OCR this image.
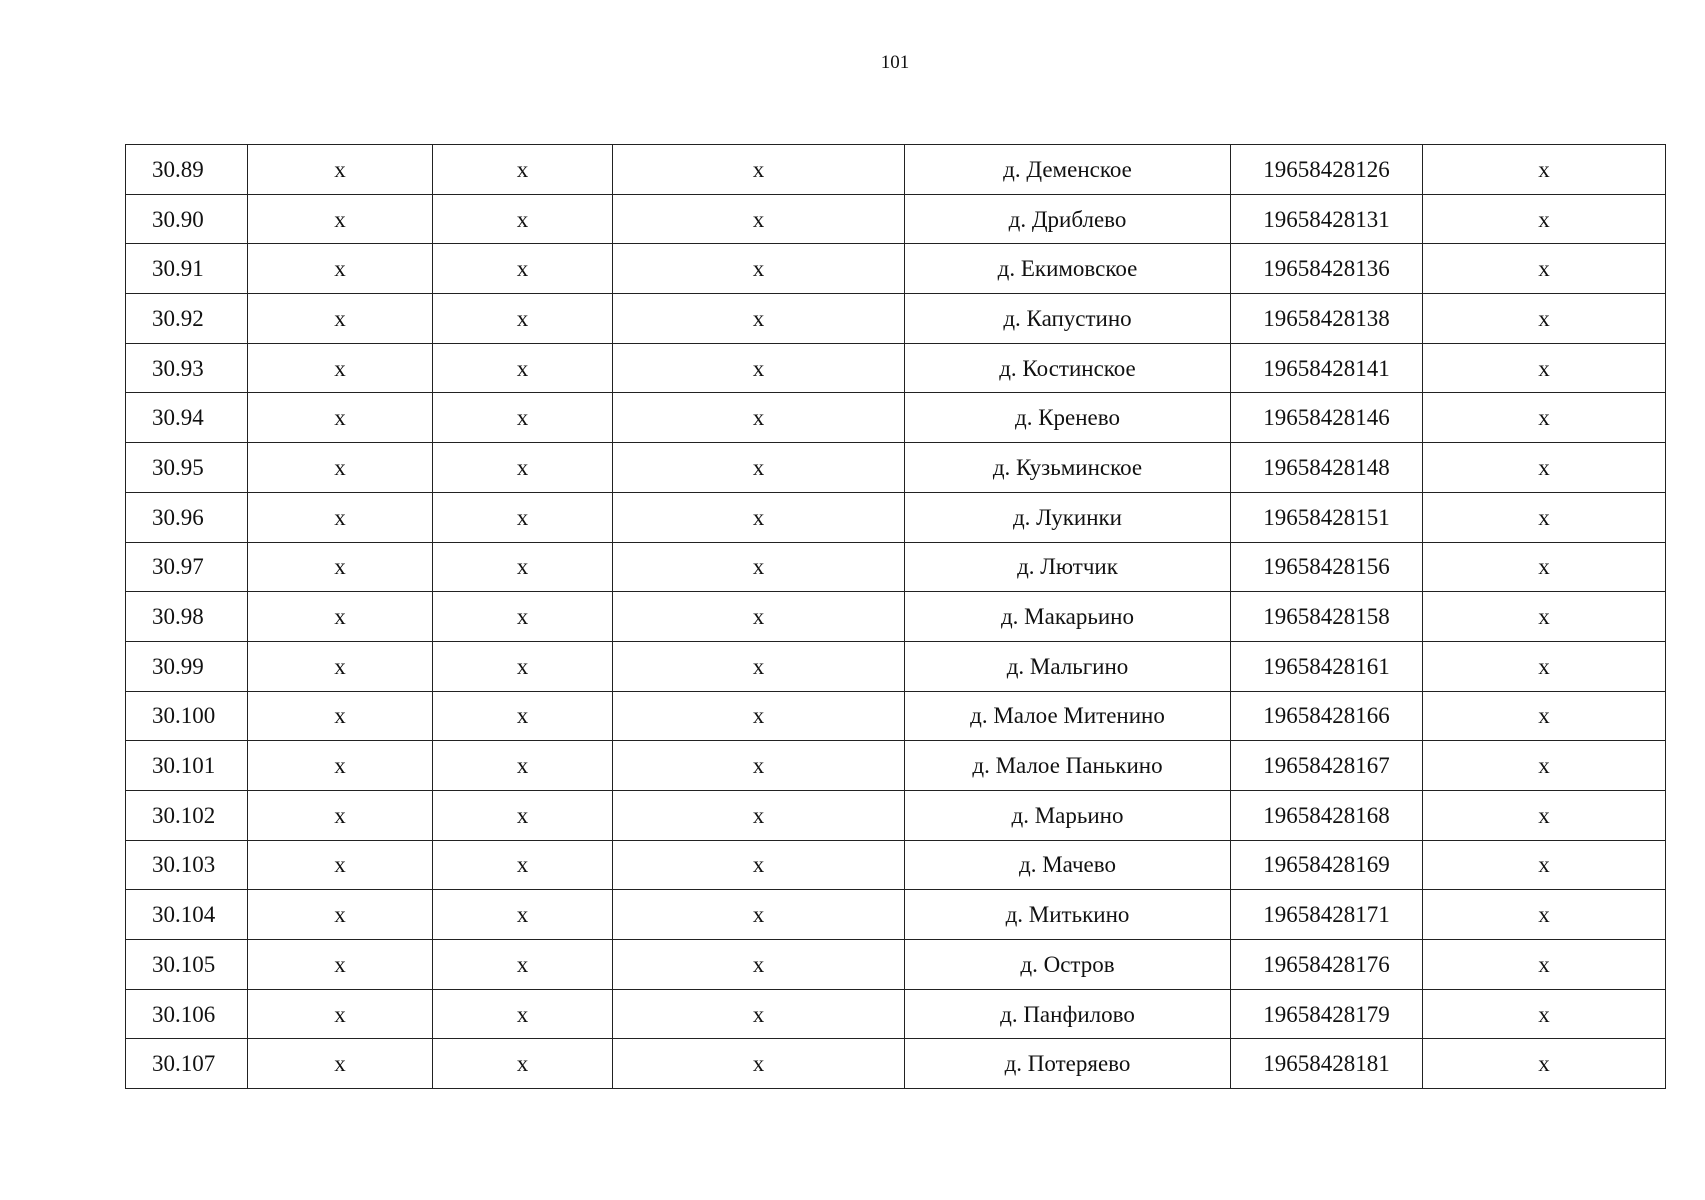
101
30.89	x	x	x	д. Деменское	19658428126	x
30.90	x	x	x	д. Дриблево	19658428131	x
30.91	x	x	x	д. Екимовское	19658428136	x
30.92	x	x	x	д. Капустино	19658428138	x
30.93	x	x	x	д. Костинское	19658428141	x
30.94	x	x	x	д. Кренево	19658428146	x
30.95	x	x	x	д. Кузьминское	19658428148	x
30.96	x	x	x	д. Лукинки	19658428151	x
30.97	x	x	x	д. Лютчик	19658428156	x
30.98	x	x	x	д. Макарьино	19658428158	x
30.99	x	x	x	д. Мальгино	19658428161	x
30.100	x	x	x	д. Малое Митенино	19658428166	x
30.101	x	x	x	д. Малое Панькино	19658428167	x
30.102	x	x	x	д. Марьино	19658428168	x
30.103	x	x	x	д. Мачево	19658428169	x
30.104	x	x	x	д. Митькино	19658428171	x
30.105	x	x	x	д. Остров	19658428176	x
30.106	x	x	x	д. Панфилово	19658428179	x
30.107	x	x	x	д. Потеряево	19658428181	x
